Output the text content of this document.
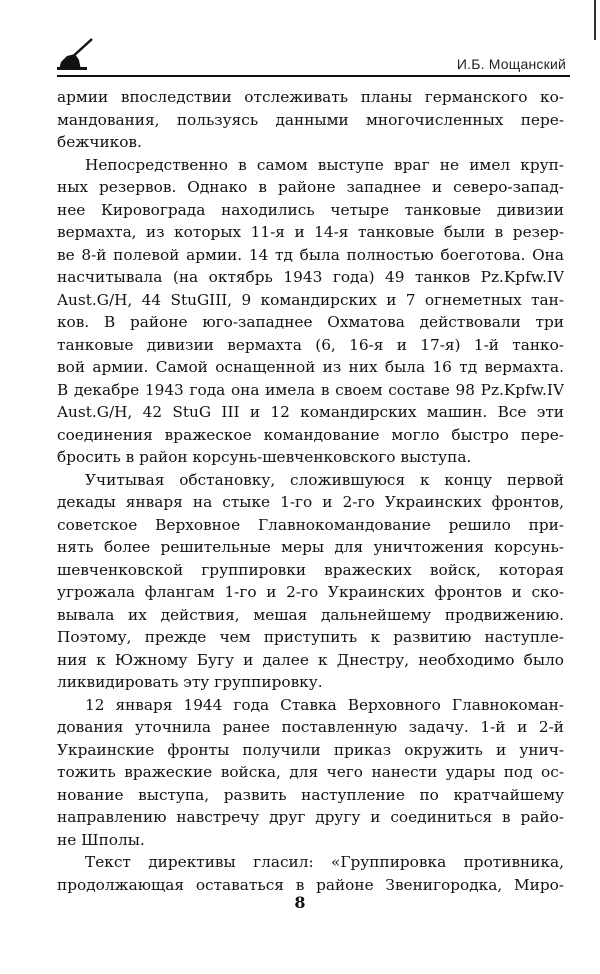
И.Б. Мощанский
армии впоследствии отслеживать планы германского ко-
мандования, пользуясь данными многочисленных пере-
бежчиков.
Непосредственно в самом выступе враг не имел круп-
ных резервов. Однако в районе западнее и северо-запад-
нее Кировограда находились четыре танковые дивизии
вермахта, из которых 11-я и 14-я танковые были в резер-
ве 8-й полевой армии. 14 тд была полностью боеготова. Она
насчитывала (на октябрь 1943 года) 49 танков Pz.Kpfw.IV
Aust.G/H, 44 StuGIII, 9 командирских и 7 огнеметных тан-
ков. В районе юго-западнее Охматова действовали три
танковые дивизии вермахта (6, 16-я и 17-я) 1-й танко-
вой армии. Самой оснащенной из них была 16 тд вермахта.
В декабре 1943 года она имела в своем составе 98 Pz.Kpfw.IV
Aust.G/H, 42 StuG III и 12 командирских машин. Все эти
соединения вражеское командование могло быстро пере-
бросить в район корсунь-шевченковского выступа.
Учитывая обстановку, сложившуюся к концу первой
декады января на стыке 1-го и 2-го Украинских фронтов,
советское Верховное Главнокомандование решило при-
нять более решительные меры для уничтожения корсунь-
шевченковской группировки вражеских войск, которая
угрожала флангам 1-го и 2-го Украинских фронтов и ско-
вывала их действия, мешая дальнейшему продвижению.
Поэтому, прежде чем приступить к развитию наступле-
ния к Южному Бугу и далее к Днестру, необходимо было
ликвидировать эту группировку.
12 января 1944 года Ставка Верховного Главнокоман-
дования уточнила ранее поставленную задачу. 1-й и 2-й
Украинские фронты получили приказ окружить и унич-
тожить вражеские войска, для чего нанести удары под ос-
нование выступа, развить наступление по кратчайшему
направлению навстречу друг другу и соединиться в райо-
не Шполы.
Текст директивы гласил: «Группировка противника,
продолжающая оставаться в районе Звенигородка, Миро-
8
